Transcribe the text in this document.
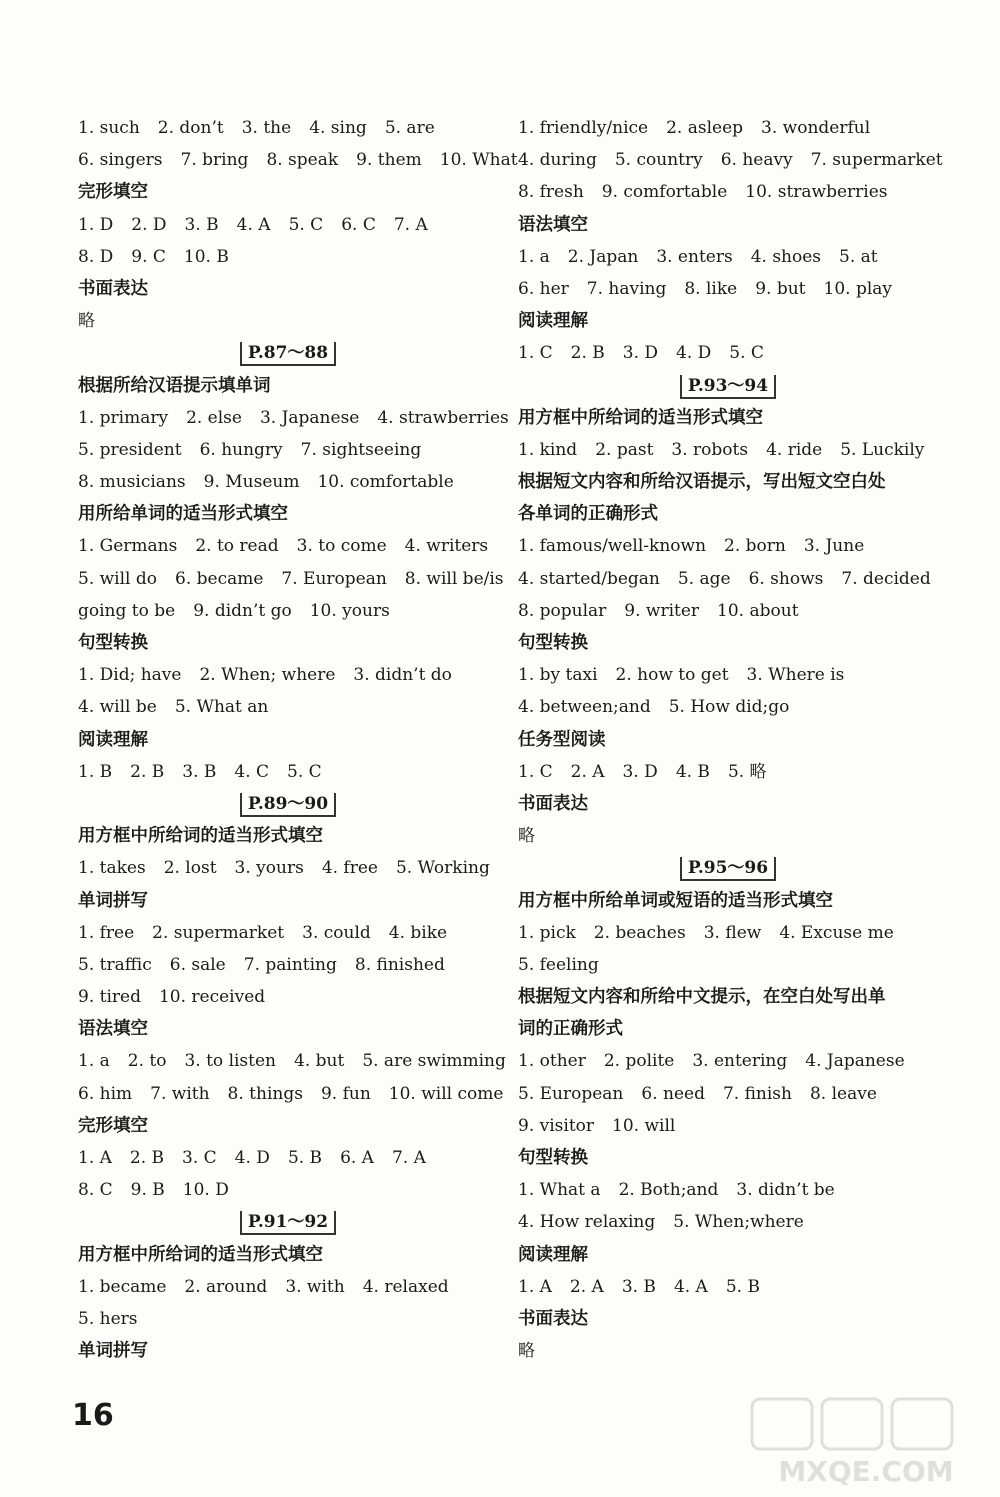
1. such 2. don’t 3. the 4. sing 5. are
6. singers 7. bring 8. speak 9. them 10. What
完形填空
1. D 2. D 3. B 4. A 5. C 6. C 7. A
8. D 9. C 10. B
书面表达
略
P.87～88
根据所给汉语提示填单词
1. primary 2. else 3. Japanese 4. strawberries
5. president 6. hungry 7. sightseeing
8. musicians 9. Museum 10. comfortable
用所给单词的适当形式填空
1. Germans 2. to read 3. to come 4. writers
5. will do 6. became 7. European 8. will be/is
going to be 9. didn’t go 10. yours
句型转换
1. Did; have 2. When; where 3. didn’t do
4. will be 5. What an
阅读理解
1. B 2. B 3. B 4. C 5. C
P.89～90
用方框中所给词的适当形式填空
1. takes 2. lost 3. yours 4. free 5. Working
单词拼写
1. free 2. supermarket 3. could 4. bike
5. traffic 6. sale 7. painting 8. finished
9. tired 10. received
语法填空
1. a 2. to 3. to listen 4. but 5. are swimming
6. him 7. with 8. things 9. fun 10. will come
完形填空
1. A 2. B 3. C 4. D 5. B 6. A 7. A
8. C 9. B 10. D
P.91～92
用方框中所给词的适当形式填空
1. became 2. around 3. with 4. relaxed
5. hers
单词拼写
1. friendly/nice 2. asleep 3. wonderful
4. during 5. country 6. heavy 7. supermarket
8. fresh 9. comfortable 10. strawberries
语法填空
1. a 2. Japan 3. enters 4. shoes 5. at
6. her 7. having 8. like 9. but 10. play
阅读理解
1. C 2. B 3. D 4. D 5. C
P.93～94
用方框中所给词的适当形式填空
1. kind 2. past 3. robots 4. ride 5. Luckily
根据短文内容和所给汉语提示，写出短文空白处
各单词的正确形式
1. famous/well-known 2. born 3. June
4. started/began 5. age 6. shows 7. decided
8. popular 9. writer 10. about
句型转换
1. by taxi 2. how to get 3. Where is
4. between;and 5. How did;go
任务型阅读
1. C 2. A 3. D 4. B 5. 略
书面表达
略
P.95～96
用方框中所给单词或短语的适当形式填空
1. pick 2. beaches 3. flew 4. Excuse me
5. feeling
根据短文内容和所给中文提示，在空白处写出单
词的正确形式
1. other 2. polite 3. entering 4. Japanese
5. European 6. need 7. finish 8. leave
9. visitor 10. will
句型转换
1. What a 2. Both;and 3. didn’t be
4. How relaxing 5. When;where
阅读理解
1. A 2. A 3. B 4. A 5. B
书面表达
略
16
MXQE.COM
